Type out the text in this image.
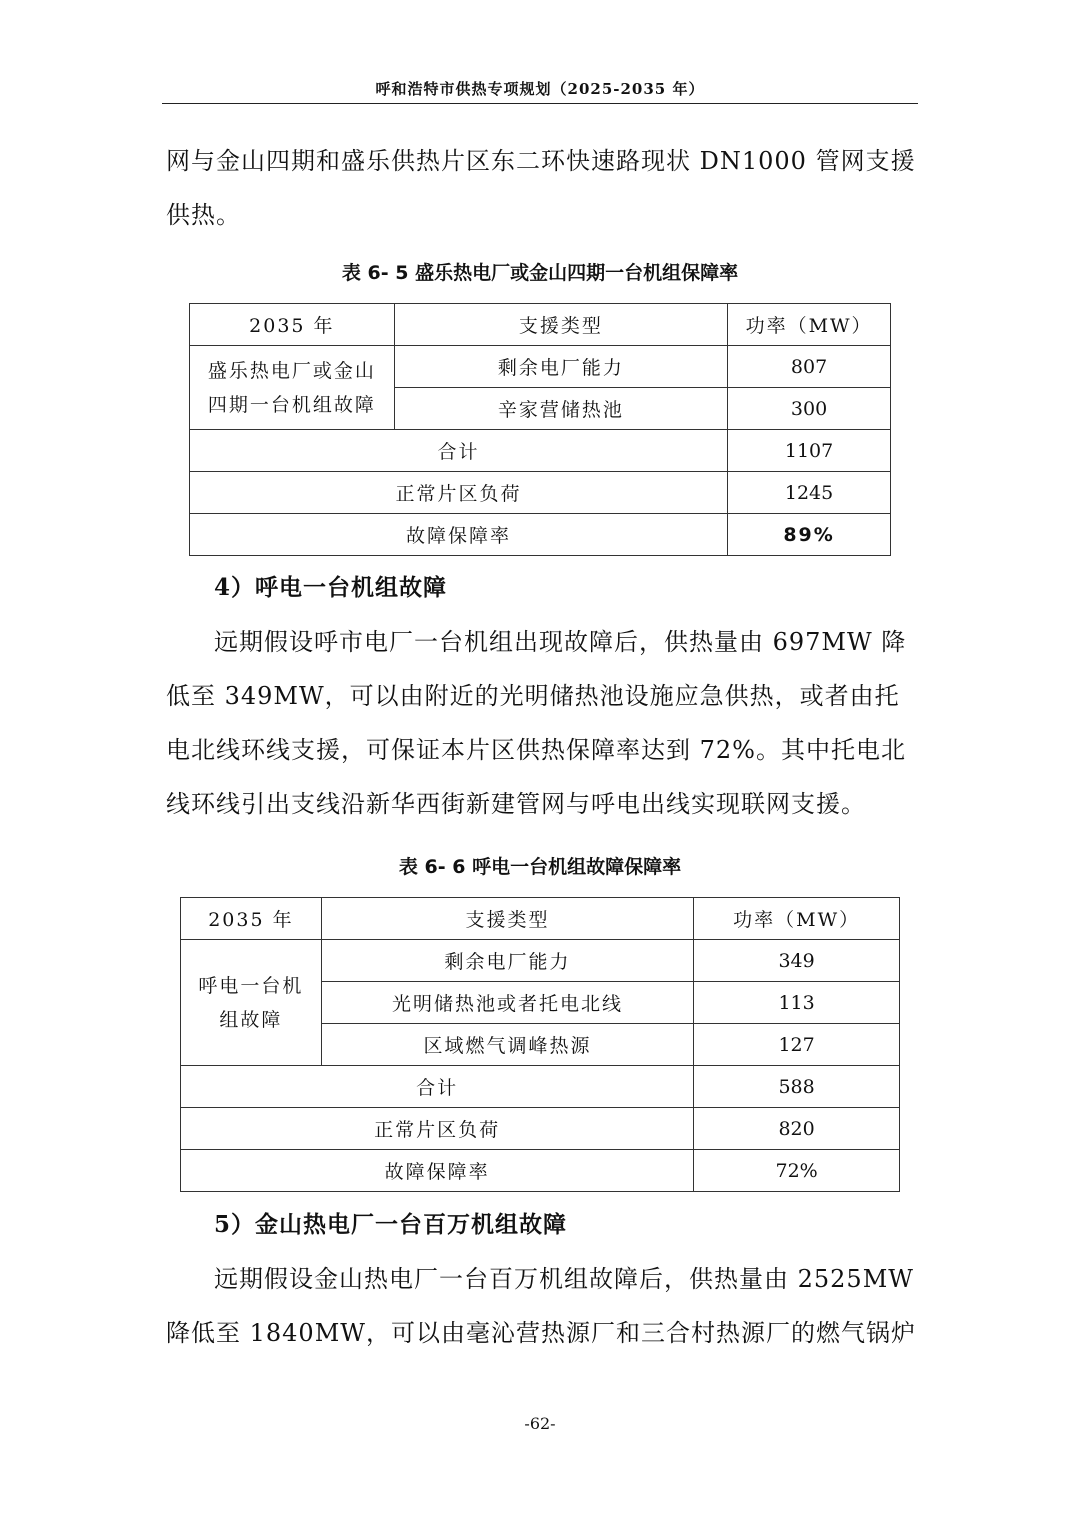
呼和浩特市供热专项规划（2025-2035 年）

网与金山四期和盛乐供热片区东二环快速路现状 DN1000 管网支援供热。

表 6- 5 盛乐热电厂或金山四期一台机组保障率
2035 年	支援类型	功率（MW）
盛乐热电厂或金山
四期一台机组故障	剩余电厂能力	807
	辛家营储热池	300
合计		1107
正常片区负荷		1245
故障保障率		89%
4）呼电一台机组故障

远期假设呼市电厂一台机组出现故障后，供热量由 697MW 降低至 349MW，可以由附近的光明储热池设施应急供热，或者由托电北线环线支援，可保证本片区供热保障率达到 72%。其中托电北线环线引出支线沿新华西街新建管网与呼电出线实现联网支援。

表 6- 6 呼电一台机组故障保障率
2035 年	支援类型	功率（MW）
呼电一台机
组故障	剩余电厂能力	349
	光明储热池或者托电北线	113
	区域燃气调峰热源	127
合计		588
正常片区负荷		820
故障保障率		72%
5）金山热电厂一台百万机组故障

远期假设金山热电厂一台百万机组故障后，供热量由 2525MW 降低至 1840MW，可以由毫沁营热源厂和三合村热源厂的燃气锅炉

-62-
